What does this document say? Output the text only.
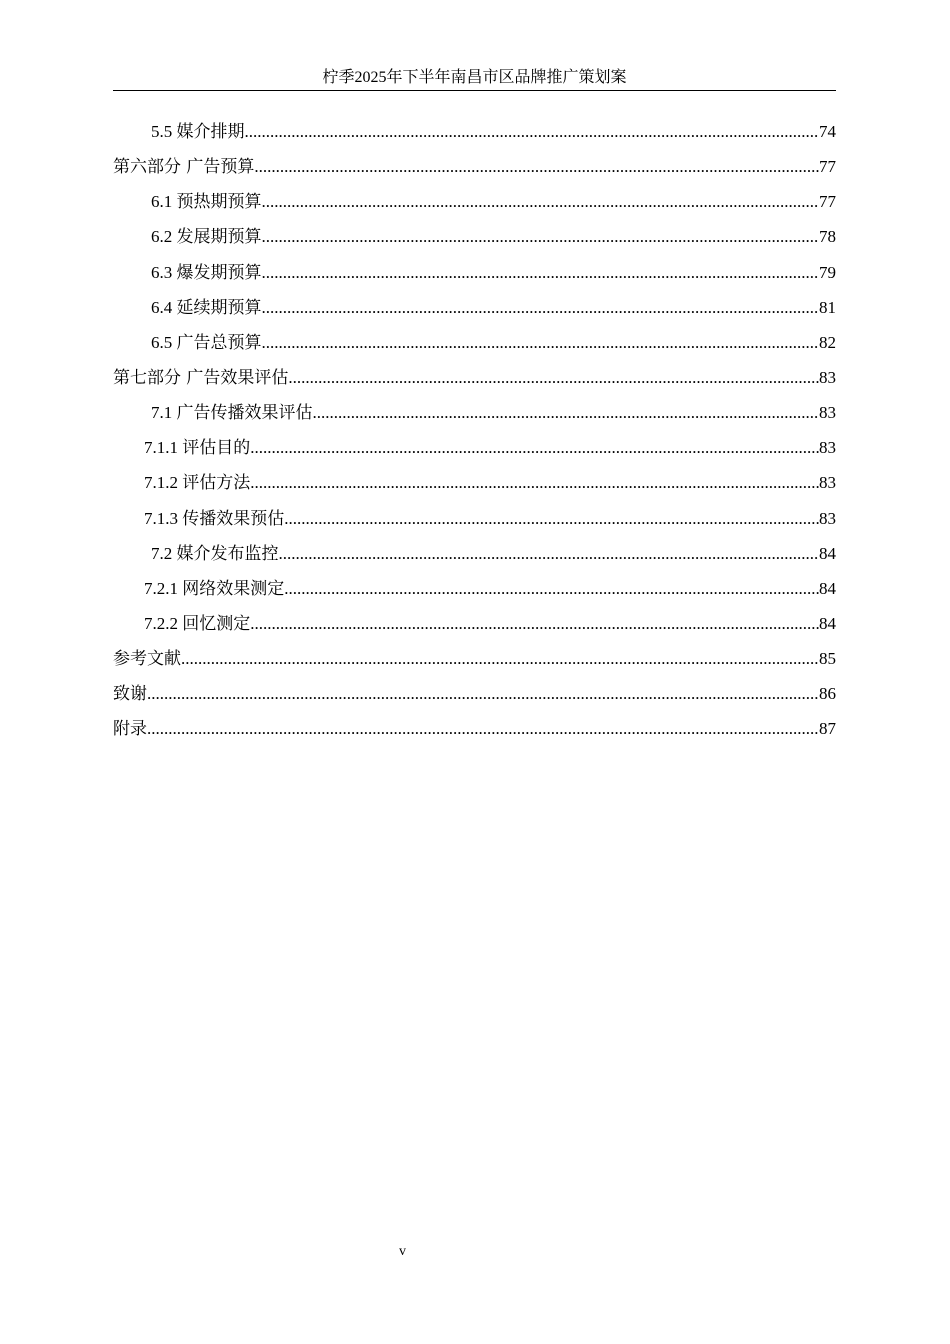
柠季2025年下半年南昌市区品牌推广策划案
5.5 媒介排期 .....	74
第六部分 广告预算 .....	77
6.1 预热期预算 .....	77
6.2 发展期预算 .....	78
6.3 爆发期预算 .....	79
6.4 延续期预算 .....	81
6.5 广告总预算 .....	82
第七部分 广告效果评估 .....	83
7.1 广告传播效果评估 .....	83
7.1.1 评估目的 .....	83
7.1.2 评估方法 .....	83
7.1.3 传播效果预估 .....	83
7.2 媒介发布监控 .....	84
7.2.1 网络效果测定 .....	84
7.2.2 回忆测定 .....	84
参考文献 .....	85
致谢 .....	86
附录 .....	87
v
